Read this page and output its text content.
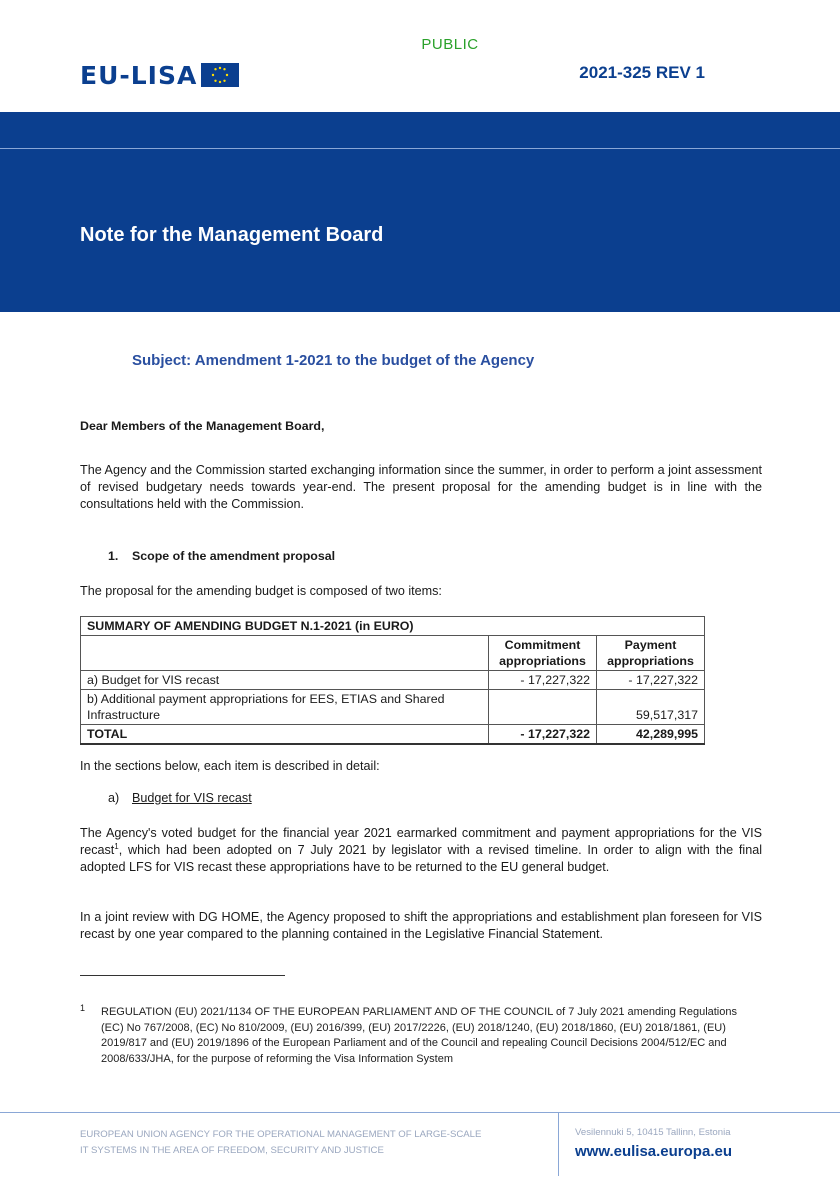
PUBLIC
EU-LISA	2021-325 REV 1
Note for the Management Board
Subject: Amendment 1-2021 to the budget of the Agency
Dear Members of the Management Board,
The Agency and the Commission started exchanging information since the summer, in order to perform a joint assessment of revised budgetary needs towards year-end. The present proposal for the amending budget is in line with the consultations held with the Commission.
1. Scope of the amendment proposal
The proposal for the amending budget is composed of two items:
SUMMARY OF AMENDING BUDGET N.1-2021 (in EURO)		
	Commitment appropriations	Payment appropriations
a) Budget for VIS recast	- 17,227,322	- 17,227,322
b) Additional payment appropriations for EES, ETIAS and Shared Infrastructure		59,517,317
TOTAL	- 17,227,322	42,289,995
In the sections below, each item is described in detail:
a) Budget for VIS recast
The Agency's voted budget for the financial year 2021 earmarked commitment and payment appropriations for the VIS recast$^1$, which had been adopted on 7 July 2021 by legislator with a revised timeline. In order to align with the final adopted LFS for VIS recast these appropriations have to be returned to the EU general budget.
In a joint review with DG HOME, the Agency proposed to shift the appropriations and establishment plan foreseen for VIS recast by one year compared to the planning contained in the Legislative Financial Statement.
1 REGULATION (EU) 2021/1134 OF THE EUROPEAN PARLIAMENT AND OF THE COUNCIL of 7 July 2021 amending Regulations (EC) No 767/2008, (EC) No 810/2009, (EU) 2016/399, (EU) 2017/2226, (EU) 2018/1240, (EU) 2018/1860, (EU) 2018/1861, (EU) 2019/817 and (EU) 2019/1896 of the European Parliament and of the Council and repealing Council Decisions 2004/512/EC and 2008/633/JHA, for the purpose of reforming the Visa Information System
EUROPEAN UNION AGENCY FOR THE OPERATIONAL MANAGEMENT OF LARGE-SCALE
IT SYSTEMS IN THE AREA OF FREEDOM, SECURITY AND JUSTICE
Vesilennuki 5, 10415 Tallinn, Estonia
www.eulisa.europa.eu
